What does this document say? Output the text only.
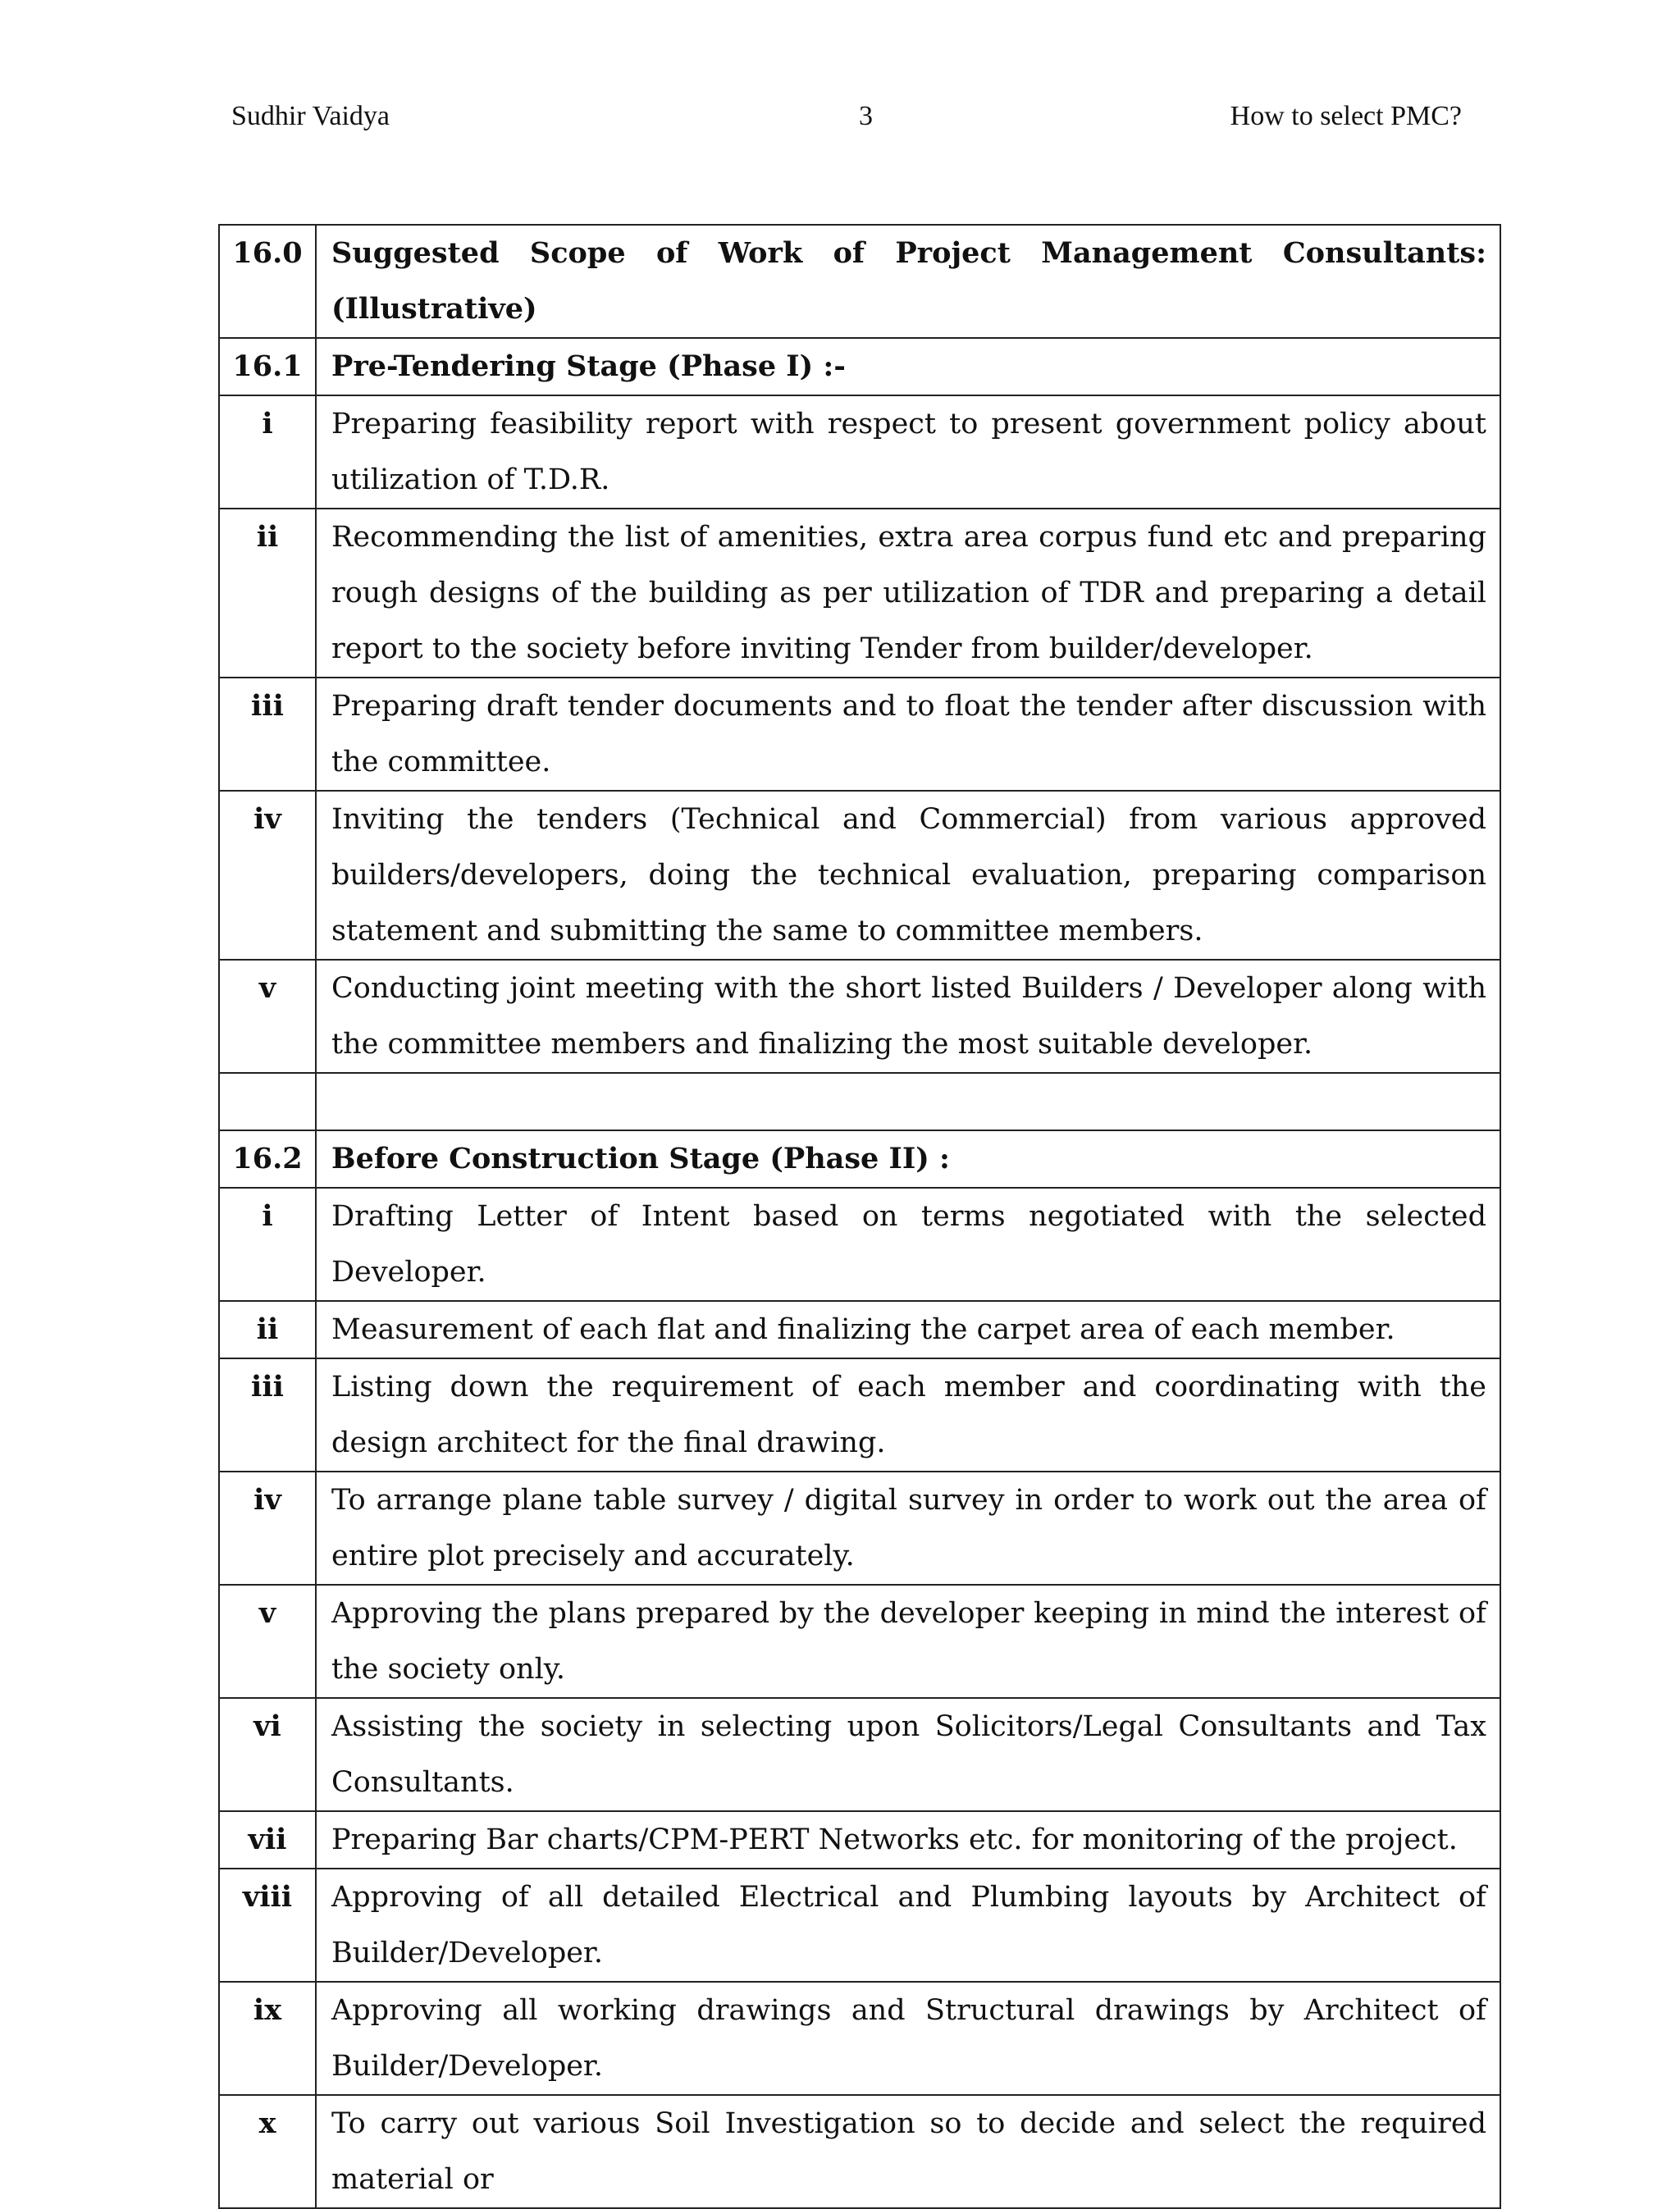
Sudhir Vaidya	3	How to select PMC?
16.0	Suggested Scope of Work of Project Management Consultants: (Illustrative)
16.1	Pre-Tendering Stage (Phase I) :-
i	Preparing feasibility report with respect to present government policy about utilization of T.D.R.
ii	Recommending the list of amenities, extra area corpus fund etc and preparing rough designs of the building as per utilization of TDR and preparing a detail report to the society before inviting Tender from builder/developer.
iii	Preparing draft tender documents and to float the tender after discussion with the committee.
iv	Inviting the tenders (Technical and Commercial) from various approved builders/developers, doing the technical evaluation, preparing comparison statement and submitting the same to committee members.
v	Conducting joint meeting with the short listed Builders / Developer along with the committee members and finalizing the most suitable developer.

16.2	Before Construction Stage (Phase II) :
i	Drafting Letter of Intent based on terms negotiated with the selected Developer.
ii	Measurement of each flat and finalizing the carpet area of each member.
iii	Listing down the requirement of each member and coordinating with the design architect for the final drawing.
iv	To arrange plane table survey / digital survey in order to work out the area of entire plot precisely and accurately.
v	Approving the plans prepared by the developer keeping in mind the interest of the society only.
vi	Assisting the society in selecting upon Solicitors/Legal Consultants and Tax Consultants.
vii	Preparing Bar charts/CPM-PERT Networks etc. for monitoring of the project.
viii	Approving of all detailed Electrical and Plumbing layouts by Architect of Builder/Developer.
ix	Approving all working drawings and Structural drawings by Architect of Builder/Developer.
x	To carry out various Soil Investigation so to decide and select the required material or
